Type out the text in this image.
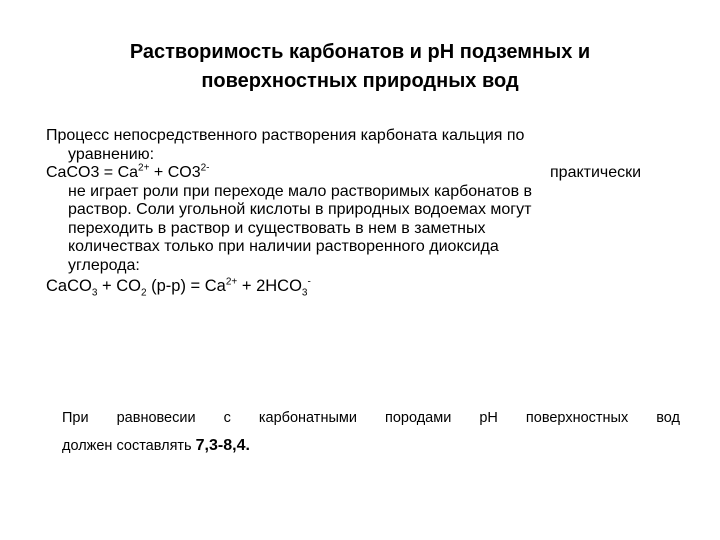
Растворимость карбонатов и pH подземных и
поверхностных природных вод
Процесс непосредственного растворения карбоната кальция по
уравнению:
CaCO3 = $Ca^{2+} + CO3^{2-}$	практически
не играет роли при переходе мало растворимых карбонатов в
раствор. Соли угольной кислоты в природных водоемах могут
переходить в раствор и существовать в нем в заметных
количествах только при наличии растворенного диоксида
углерода:
CaCO$_3$ + $CO_2$ $(р-р) = Ca^{2+} + 2HCO_3^-$
При равновесии с карбонатными породами pH поверхностных вод
должен составлять 7,3-8,4.
